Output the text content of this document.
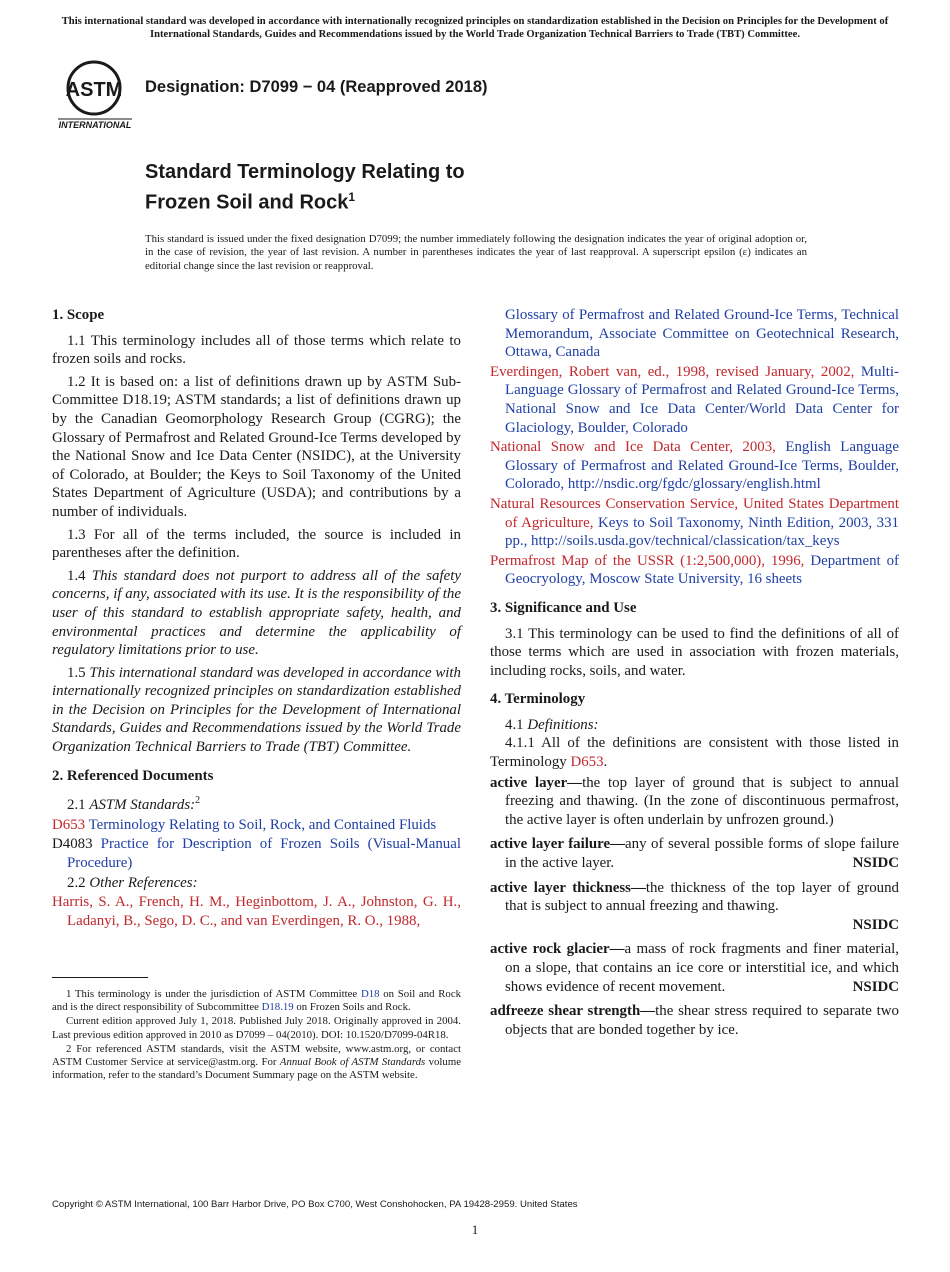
This international standard was developed in accordance with internationally recognized principles on standardization established in the Decision on Principles for the Development of International Standards, Guides and Recommendations issued by the World Trade Organization Technical Barriers to Trade (TBT) Committee.
ASTM
INTERNATIONAL
Designation: D7099 − 04 (Reapproved 2018)
Standard Terminology Relating to
Frozen Soil and Rock$^1$
This standard is issued under the fixed designation D7099; the number immediately following the designation indicates the year of original adoption or, in the case of revision, the year of last revision. A number in parentheses indicates the year of last reapproval. A superscript epsilon (ε) indicates an editorial change since the last revision or reapproval.
1. Scope

1.1 This terminology includes all of those terms which relate to frozen soils and rocks.

1.2 It is based on: a list of definitions drawn up by ASTM Sub-Committee D18.19; ASTM standards; a list of definitions drawn up by the Canadian Geomorphology Research Group (CGRG); the Glossary of Permafrost and Related Ground-Ice Terms developed by the National Snow and Ice Data Center (NSIDC), at the University of Colorado, at Boulder; the Keys to Soil Taxonomy of the United States Department of Agriculture (USDA); and contributions by a number of individuals.

1.3 For all of the terms included, the source is included in parentheses after the definition.

1.4 This standard does not purport to address all of the safety concerns, if any, associated with its use. It is the responsibility of the user of this standard to establish appropriate safety, health, and environmental practices and determine the applicability of regulatory limitations prior to use.

1.5 This international standard was developed in accordance with internationally recognized principles on standardization established in the Decision on Principles for the Development of International Standards, Guides and Recommendations issued by the World Trade Organization Technical Barriers to Trade (TBT) Committee.

2. Referenced Documents

2.1 ASTM Standards:$^2$

D653 Terminology Relating to Soil, Rock, and Contained Fluids
D4083 Practice for Description of Frozen Soils (Visual-Manual Procedure)

2.2 Other References:

Harris, S. A., French, H. M., Heginbottom, J. A., Johnston, G. H., Ladanyi, B., Sego, D. C., and van Everdingen, R. O., 1988,

1 This terminology is under the jurisdiction of ASTM Committee D18 on Soil and Rock and is the direct responsibility of Subcommittee D18.19 on Frozen Soils and Rock.

Current edition approved July 1, 2018. Published July 2018. Originally approved in 2004. Last previous edition approved in 2010 as D7099 – 04(2010). DOI: 10.1520/D7099-04R18.

2 For referenced ASTM standards, visit the ASTM website, www.astm.org, or contact ASTM Customer Service at service@astm.org. For Annual Book of ASTM Standards volume information, refer to the standard’s Document Summary page on the ASTM website.

Glossary of Permafrost and Related Ground-Ice Terms, Technical Memorandum, Associate Committee on Geotechnical Research, Ottawa, Canada
Everdingen, Robert van, ed., 1998, revised January, 2002, Multi-Language Glossary of Permafrost and Related Ground-Ice Terms, National Snow and Ice Data Center/World Data Center for Glaciology, Boulder, Colorado
National Snow and Ice Data Center, 2003, English Language Glossary of Permafrost and Related Ground-Ice Terms, Boulder, Colorado, http://nsdic.org/fgdc/glossary/english.html
Natural Resources Conservation Service, United States Department of Agriculture, Keys to Soil Taxonomy, Ninth Edition, 2003, 331 pp., http://soils.usda.gov/technical/classication/tax_keys
Permafrost Map of the USSR (1:2,500,000), 1996, Department of Geocryology, Moscow State University, 16 sheets
3. Significance and Use

3.1 This terminology can be used to find the definitions of all of those terms which are used in association with frozen materials, including rocks, soils, and water.

4. Terminology

4.1 Definitions:

4.1.1 All of the definitions are consistent with those listed in Terminology D653.

active layer—the top layer of ground that is subject to annual freezing and thawing. (In the zone of discontinuous permafrost, the active layer is often underlain by unfrozen ground.)
active layer failure—any of several possible forms of slope failure in the active layer.	NSIDC
active layer thickness—the thickness of the top layer of ground that is subject to annual freezing and thawing.
NSIDC
active rock glacier—a mass of rock fragments and finer material, on a slope, that contains an ice core or interstitial ice, and which shows evidence of recent movement.	NSIDC
adfreeze shear strength—the shear stress required to separate two objects that are bonded together by ice.
Copyright © ASTM International, 100 Barr Harbor Drive, PO Box C700, West Conshohocken, PA 19428-2959. United States
1
